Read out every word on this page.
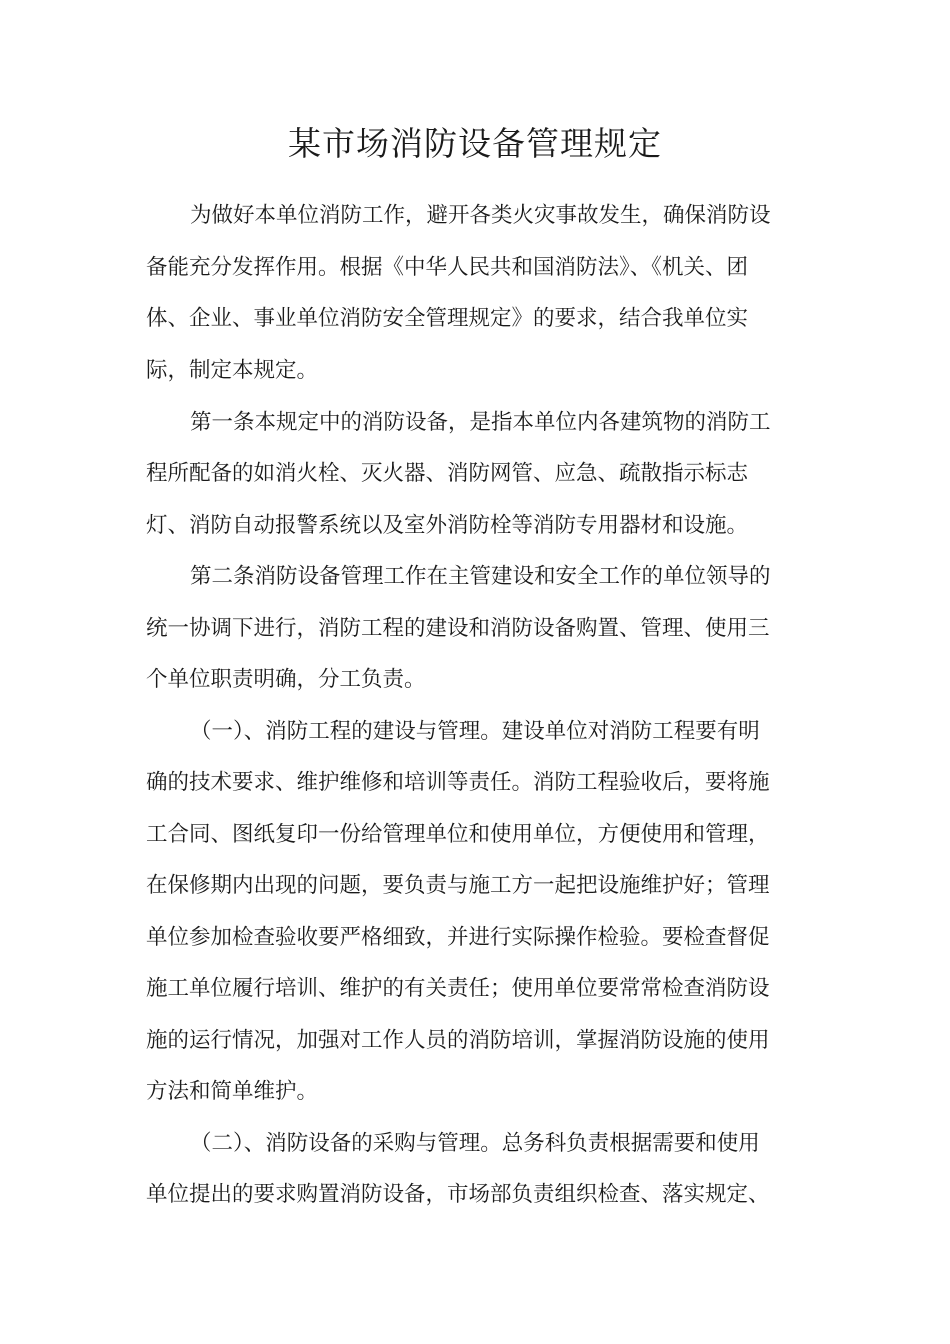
某市场消防设备管理规定
为做好本单位消防工作，避开各类火灾事故发生，确保消防设
备能充分发挥作用。根据《中华人民共和国消防法》、《机关、团
体、企业、事业单位消防安全管理规定》的要求，结合我单位实
际，制定本规定。
第一条本规定中的消防设备，是指本单位内各建筑物的消防工
程所配备的如消火栓、灭火器、消防网管、应急、疏散指示标志
灯、消防自动报警系统以及室外消防栓等消防专用器材和设施。
第二条消防设备管理工作在主管建设和安全工作的单位领导的
统一协调下进行，消防工程的建设和消防设备购置、管理、使用三
个单位职责明确，分工负责。
（一）、消防工程的建设与管理。建设单位对消防工程要有明
确的技术要求、维护维修和培训等责任。消防工程验收后，要将施
工合同、图纸复印一份给管理单位和使用单位，方便使用和管理，
在保修期内出现的问题，要负责与施工方一起把设施维护好；管理
单位参加检查验收要严格细致，并进行实际操作检验。要检查督促
施工单位履行培训、维护的有关责任；使用单位要常常检查消防设
施的运行情况，加强对工作人员的消防培训，掌握消防设施的使用
方法和简单维护。
（二）、消防设备的采购与管理。总务科负责根据需要和使用
单位提出的要求购置消防设备，市场部负责组织检查、落实规定、
